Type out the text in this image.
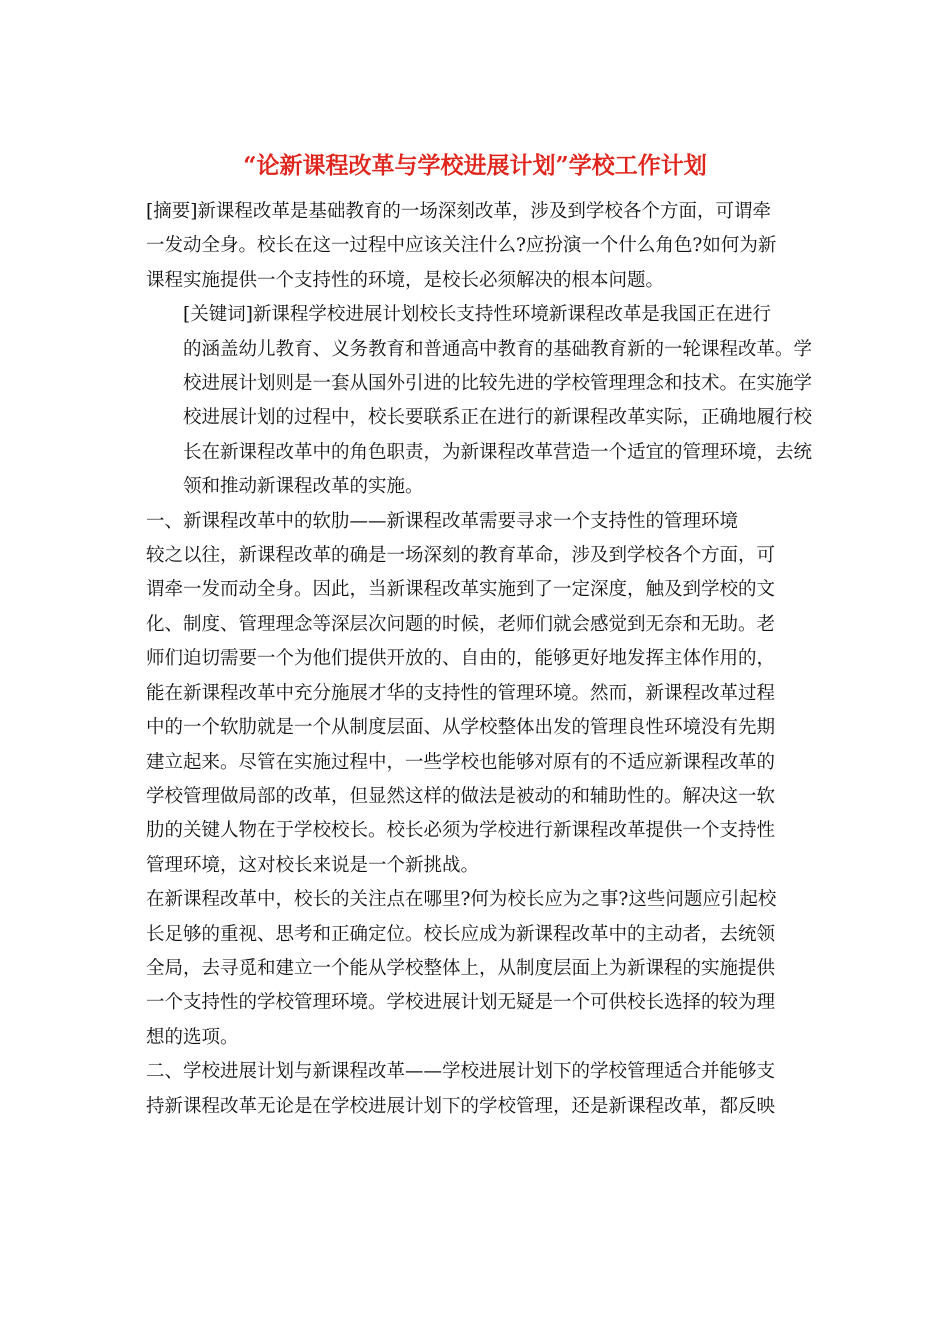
“论新课程改革与学校进展计划”学校工作计划

[摘要]新课程改革是基础教育的一场深刻改革，涉及到学校各个方面，可谓牵
一发动全身。校长在这一过程中应该关注什么?应扮演一个什么角色?如何为新
课程实施提供一个支持性的环境，是校长必须解决的根本问题。

[关键词]新课程学校进展计划校长支持性环境新课程改革是我国正在进行
的涵盖幼儿教育、义务教育和普通高中教育的基础教育新的一轮课程改革。学
校进展计划则是一套从国外引进的比较先进的学校管理理念和技术。在实施学
校进展计划的过程中，校长要联系正在进行的新课程改革实际，正确地履行校
长在新课程改革中的角色职责，为新课程改革营造一个适宜的管理环境，去统
领和推动新课程改革的实施。

一、新课程改革中的软肋——新课程改革需要寻求一个支持性的管理环境

较之以往，新课程改革的确是一场深刻的教育革命，涉及到学校各个方面，可
谓牵一发而动全身。因此，当新课程改革实施到了一定深度，触及到学校的文
化、制度、管理理念等深层次问题的时候，老师们就会感觉到无奈和无助。老
师们迫切需要一个为他们提供开放的、自由的，能够更好地发挥主体作用的，
能在新课程改革中充分施展才华的支持性的管理环境。然而，新课程改革过程
中的一个软肋就是一个从制度层面、从学校整体出发的管理良性环境没有先期
建立起来。尽管在实施过程中，一些学校也能够对原有的不适应新课程改革的
学校管理做局部的改革，但显然这样的做法是被动的和辅助性的。解决这一软
肋的关键人物在于学校校长。校长必须为学校进行新课程改革提供一个支持性
管理环境，这对校长来说是一个新挑战。

在新课程改革中，校长的关注点在哪里?何为校长应为之事?这些问题应引起校
长足够的重视、思考和正确定位。校长应成为新课程改革中的主动者，去统领
全局，去寻觅和建立一个能从学校整体上，从制度层面上为新课程的实施提供
一个支持性的学校管理环境。学校进展计划无疑是一个可供校长选择的较为理
想的选项。

二、学校进展计划与新课程改革——学校进展计划下的学校管理适合并能够支
持新课程改革无论是在学校进展计划下的学校管理，还是新课程改革，都反映
